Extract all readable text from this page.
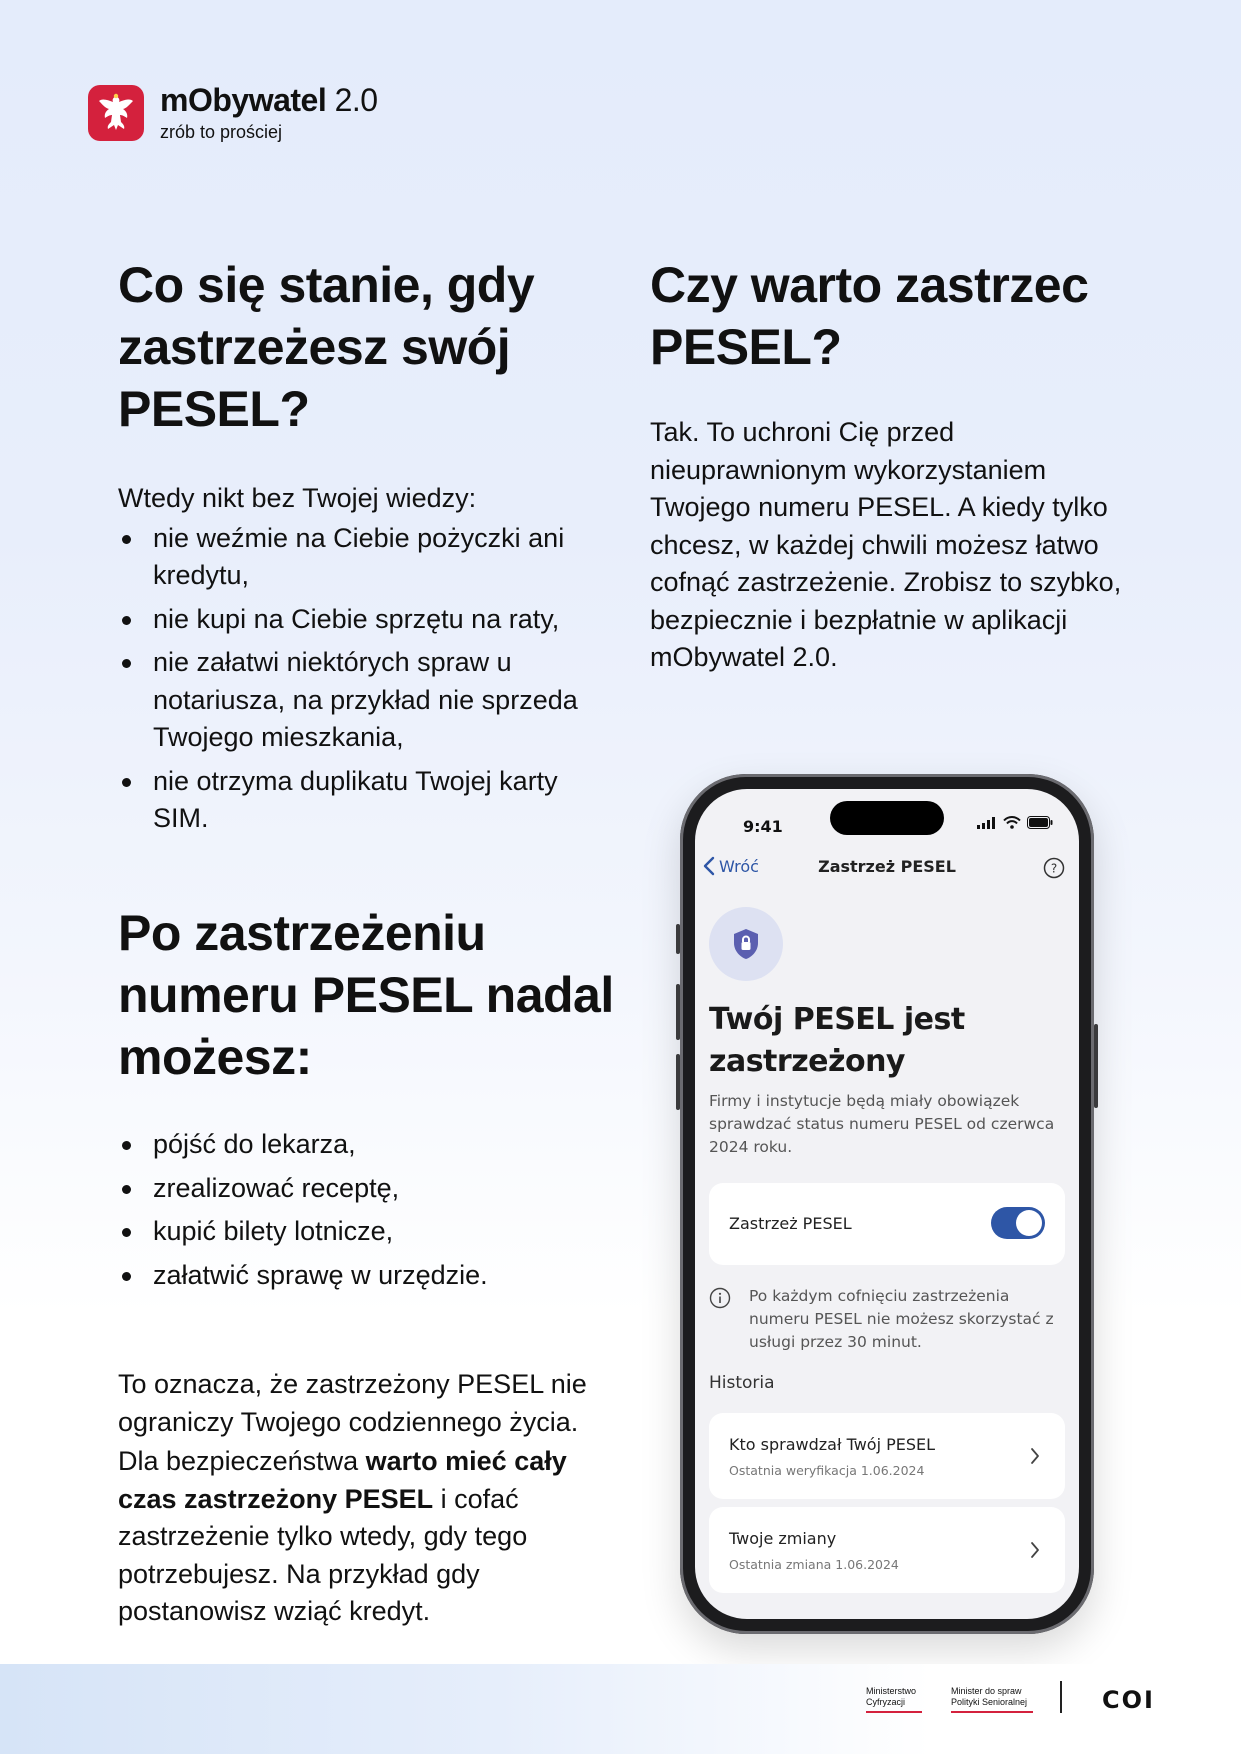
mObywatel 2.0
zrób to prościej
Co się stanie, gdy zastrzeżesz swój PESEL?

Wtedy nikt bez Twojej wiedzy:

nie weźmie na Ciebie pożyczki ani kredytu,
nie kupi na Ciebie sprzętu na raty,
nie załatwi niektórych spraw u notariusza, na przykład nie sprzeda Twojego mieszkania,
nie otrzyma duplikatu Twojej karty SIM.
Czy warto zastrzec PESEL?

Tak. To uchroni Cię przed nieuprawnionym wykorzystaniem Twojego numeru PESEL. A kiedy tylko chcesz, w każdej chwili możesz łatwo cofnąć zastrzeżenie. Zrobisz to szybko, bezpiecznie i bezpłatnie w aplikacji mObywatel 2.0.

Po zastrzeżeniu numeru PESEL nadal możesz:
pójść do lekarza,
zrealizować receptę,
kupić bilety lotnicze,
załatwić sprawę w urzędzie.

To oznacza, że zastrzeżony PESEL nie ograniczy Twojego codziennego życia.

Dla bezpieczeństwa warto mieć cały czas zastrzeżony PESEL i cofać zastrzeżenie tylko wtedy, gdy tego potrzebujesz. Na przykład gdy postanowisz wziąć kredyt.

9:41
Wróć	Zastrzeż PESEL	?
Twój PESEL jest zastrzeżony
Firmy i instytucje będą miały obowiązek sprawdzać status numeru PESEL od czerwca 2024 roku.
Zastrzeż PESEL
Po każdym cofnięciu zastrzeżenia numeru PESEL nie możesz skorzystać z usługi przez 30 minut.
Historia
Kto sprawdzał Twój PESEL
Ostatnia weryfikacja 1.06.2024
Twoje zmiany
Ostatnia zmiana 1.06.2024
Ministerstwo
Cyfryzacji
Minister do spraw
Polityki Senioralnej	COI
